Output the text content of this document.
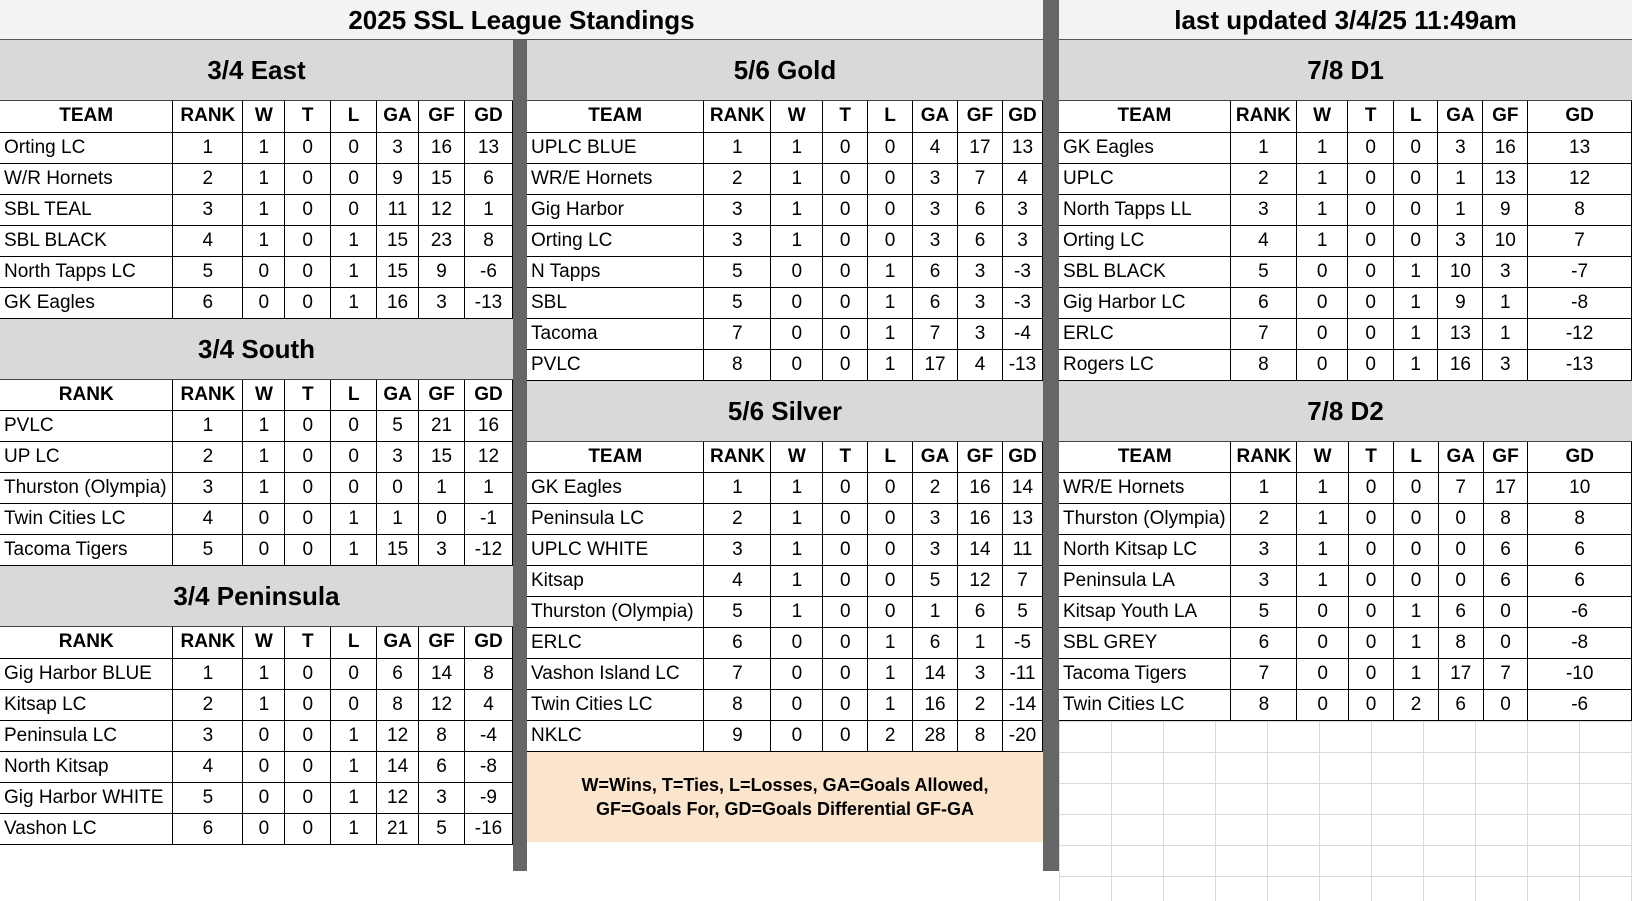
2025 SSL League Standings	last updated 3/4/25 11:49am
3/4 East
TEAM	RANK	W	T	L	GA	GF	GD
Orting LC	1	1	0	0	3	16	13
W/R Hornets	2	1	0	0	9	15	6
SBL TEAL	3	1	0	0	11	12	1
SBL BLACK	4	1	0	1	15	23	8
North Tapps LC	5	0	0	1	15	9	-6
GK Eagles	6	0	0	1	16	3	-13
3/4 South
RANK	RANK	W	T	L	GA	GF	GD
PVLC	1	1	0	0	5	21	16
UP LC	2	1	0	0	3	15	12
Thurston (Olympia)	3	1	0	0	0	1	1
Twin Cities LC	4	0	0	1	1	0	-1
Tacoma Tigers	5	0	0	1	15	3	-12
3/4 Peninsula
RANK	RANK	W	T	L	GA	GF	GD
Gig Harbor BLUE	1	1	0	0	6	14	8
Kitsap LC	2	1	0	0	8	12	4
Peninsula LC	3	0	0	1	12	8	-4
North Kitsap	4	0	0	1	14	6	-8
Gig Harbor WHITE	5	0	0	1	12	3	-9
Vashon LC	6	0	0	1	21	5	-16
5/6 Gold
TEAM	RANK	W	T	L	GA	GF	GD
UPLC BLUE	1	1	0	0	4	17	13
WR/E Hornets	2	1	0	0	3	7	4
Gig Harbor	3	1	0	0	3	6	3
Orting LC	3	1	0	0	3	6	3
N Tapps	5	0	0	1	6	3	-3
SBL	5	0	0	1	6	3	-3
Tacoma	7	0	0	1	7	3	-4
PVLC	8	0	0	1	17	4	-13
5/6 Silver
TEAM	RANK	W	T	L	GA	GF	GD
GK Eagles	1	1	0	0	2	16	14
Peninsula LC	2	1	0	0	3	16	13
UPLC WHITE	3	1	0	0	3	14	11
Kitsap	4	1	0	0	5	12	7
Thurston (Olympia)	5	1	0	0	1	6	5
ERLC	6	0	0	1	6	1	-5
Vashon Island LC	7	0	0	1	14	3	-11
Twin Cities LC	8	0	0	1	16	2	-14
NKLC	9	0	0	2	28	8	-20
W=Wins, T=Ties, L=Losses, GA=Goals Allowed,
GF=Goals For, GD=Goals Differential GF-GA
7/8 D1
TEAM	RANK	W	T	L	GA	GF	GD
GK Eagles	1	1	0	0	3	16	13
UPLC	2	1	0	0	1	13	12
North Tapps LL	3	1	0	0	1	9	8
Orting LC	4	1	0	0	3	10	7
SBL BLACK	5	0	0	1	10	3	-7
Gig Harbor LC	6	0	0	1	9	1	-8
ERLC	7	0	0	1	13	1	-12
Rogers LC	8	0	0	1	16	3	-13
7/8 D2
TEAM	RANK	W	T	L	GA	GF	GD
WR/E Hornets	1	1	0	0	7	17	10
Thurston (Olympia)	2	1	0	0	0	8	8
North Kitsap LC	3	1	0	0	0	6	6
Peninsula LA	3	1	0	0	0	6	6
Kitsap Youth LA	5	0	0	1	6	0	-6
SBL GREY	6	0	0	1	8	0	-8
Tacoma Tigers	7	0	0	1	17	7	-10
Twin Cities LC	8	0	0	2	6	0	-6
